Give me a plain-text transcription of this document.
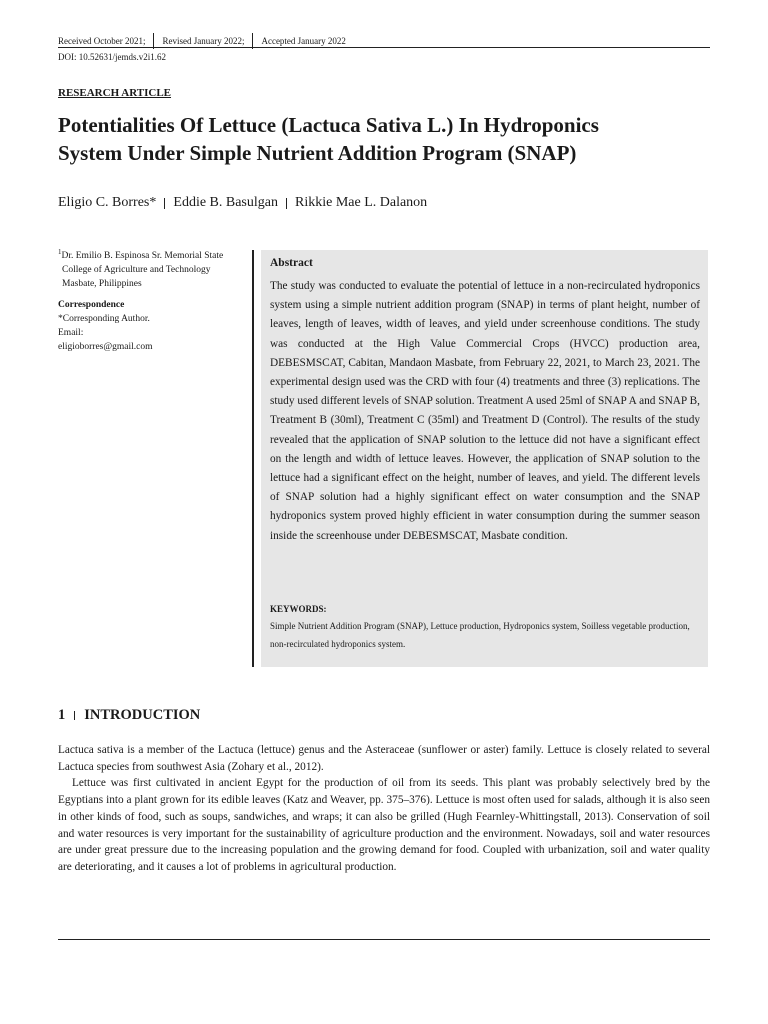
Received October 2021; Revised January 2022; Accepted January 2022
DOI: 10.52631/jemds.v2i1.62
RESEARCH ARTICLE
Potentialities Of Lettuce (Lactuca Sativa L.) In Hydroponics
System Under Simple Nutrient Addition Program (SNAP)
Eligio C. Borres* Eddie B. Basulgan Rikkie Mae L. Dalanon
$^1$Dr. Emilio B. Espinosa Sr. Memorial State
College of Agriculture and Technology
Masbate, Philippines
Correspondence
*Corresponding Author.
Email:
eligioborres@gmail.com
Abstract
The study was conducted to evaluate the potential of lettuce in a non-recirculated hydroponics system using a simple nutrient addition program (SNAP) in terms of plant height, number of leaves, length of leaves, width of leaves, and yield under screenhouse conditions. The study was conducted at the High Value Commercial Crops (HVCC) production area, DEBESMSCAT, Cabitan, Mandaon Masbate, from February 22, 2021, to March 23, 2021. The experimental design used was the CRD with four (4) treatments and three (3) replications. The study used different levels of SNAP solution. Treatment A used 25ml of SNAP A and SNAP B, Treatment B (30ml), Treatment C (35ml) and Treatment D (Control). The results of the study revealed that the application of SNAP solution to the lettuce did not have a significant effect on the length and width of lettuce leaves. However, the application of SNAP solution to the lettuce had a significant effect on the height, number of leaves, and yield. The different levels of SNAP solution had a highly significant effect on water consumption and the SNAP hydroponics system proved highly efficient in water consumption during the summer season inside the screenhouse under DEBESMSCAT, Masbate condition.
KEYWORDS:
Simple Nutrient Addition Program (SNAP), Lettuce production, Hydroponics system, Soilless vegetable production, non-recirculated hydroponics system.
1 INTRODUCTION

Lactuca sativa is a member of the Lactuca (lettuce) genus and the Asteraceae (sunflower or aster) family. Lettuce is closely related to several Lactuca species from southwest Asia (Zohary et al., 2012).

Lettuce was first cultivated in ancient Egypt for the production of oil from its seeds. This plant was probably selectively bred by the Egyptians into a plant grown for its edible leaves (Katz and Weaver, pp. 375–376). Lettuce is most often used for salads, although it is also seen in other kinds of food, such as soups, sandwiches, and wraps; it can also be grilled (Hugh Fearnley-Whittingstall, 2013). Conservation of soil and water resources is very important for the sustainability of agriculture production and the environment. Nowadays, soil and water resources are under great pressure due to the increasing population and the growing demand for food. Coupled with urbanization, soil and water quality are deteriorating, and it causes a lot of problems in agricultural production.
